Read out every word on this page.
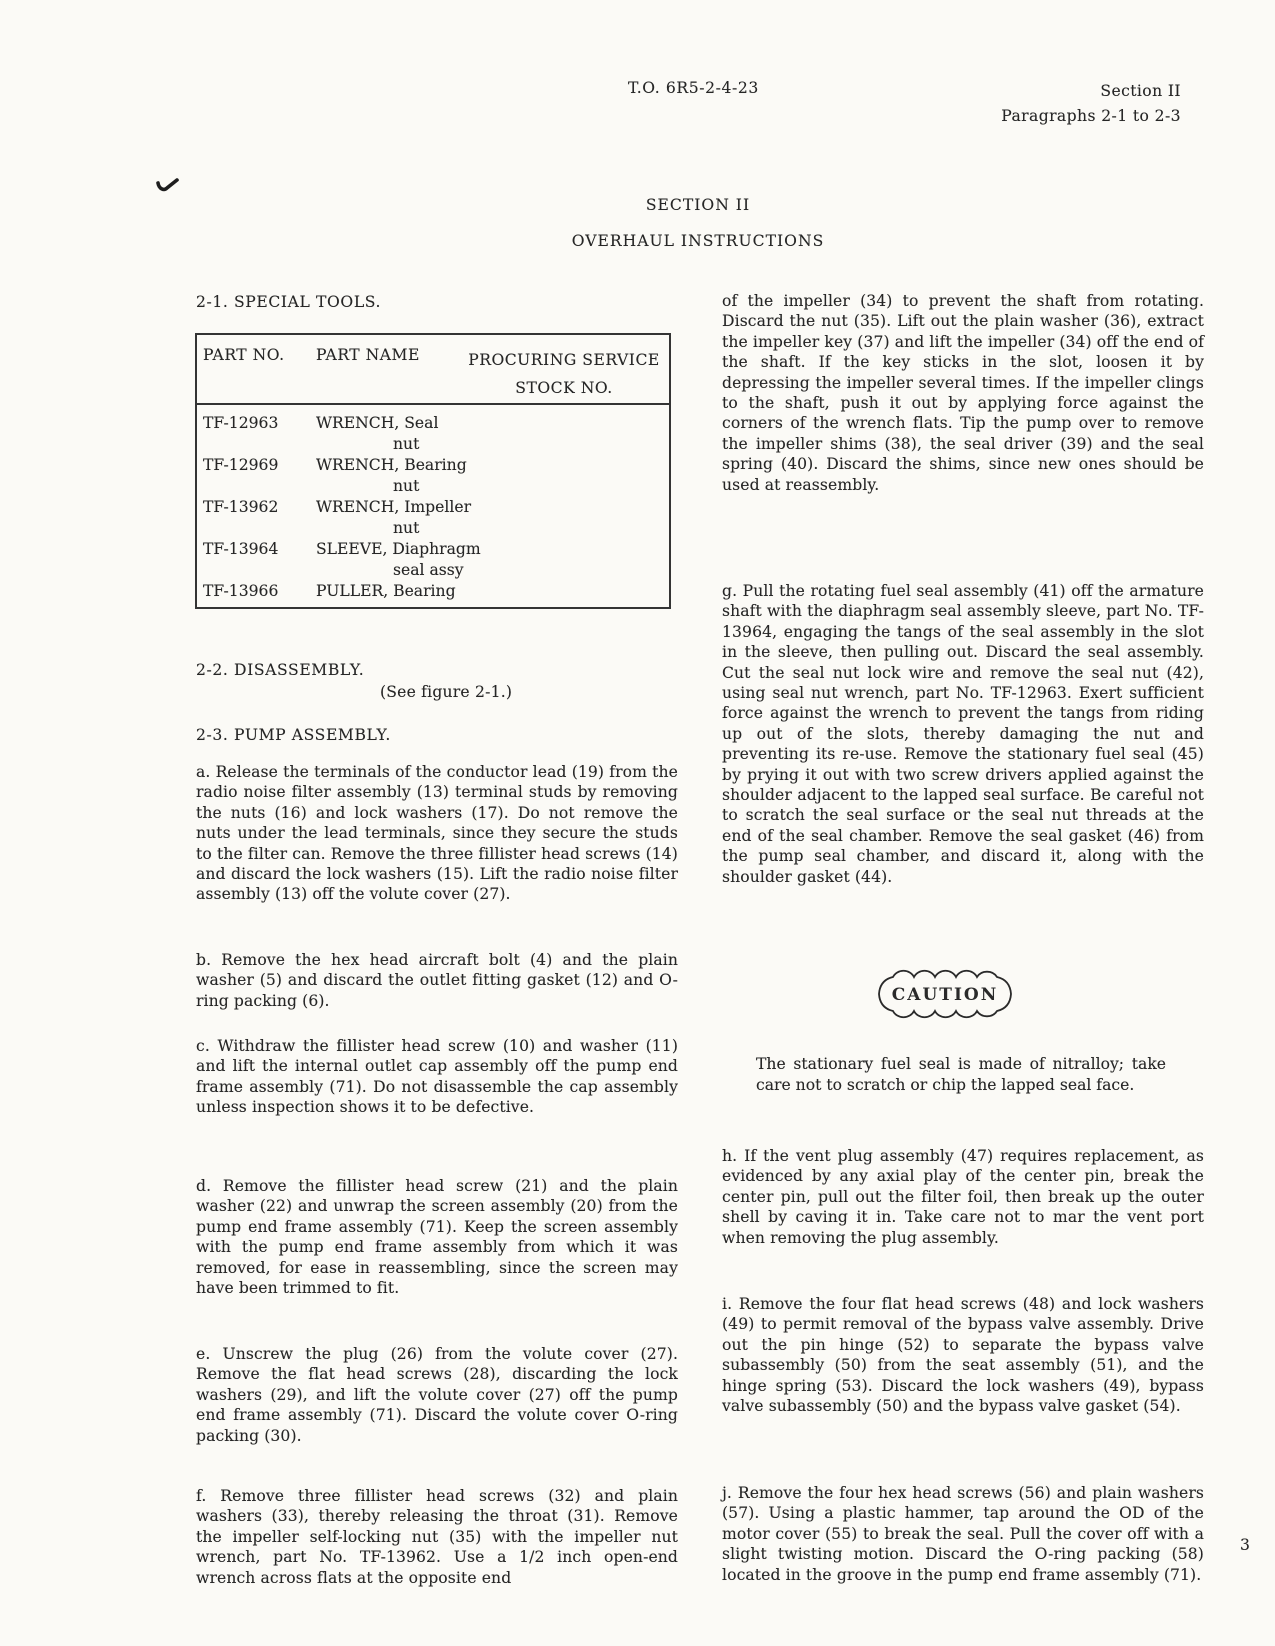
T.O. 6R5-2-4-23	Section II
Paragraphs 2-1 to 2-3
SECTION II
OVERHAUL INSTRUCTIONS
2-1. SPECIAL TOOLS.
PART NO. PART NAME	PROCURING SERVICE
STOCK NO.
TF-12963 WRENCH, Seal
nut
TF-12969 WRENCH, Bearing
nut
TF-13962 WRENCH, Impeller
nut
TF-13964 SLEEVE, Diaphragm
seal assy
TF-13966 PULLER, Bearing
2-2. DISASSEMBLY.
(See figure 2-1.)
2-3. PUMP ASSEMBLY.
a. Release the terminals of the conductor lead (19) from the radio noise filter assembly (13) terminal studs by removing the nuts (16) and lock washers (17). Do not remove the nuts under the lead terminals, since they secure the studs to the filter can. Remove the three fillister head screws (14) and discard the lock washers (15). Lift the radio noise filter assembly (13) off the volute cover (27).
b. Remove the hex head aircraft bolt (4) and the plain washer (5) and discard the outlet fitting gasket (12) and O-ring packing (6).
c. Withdraw the fillister head screw (10) and washer (11) and lift the internal outlet cap assembly off the pump end frame assembly (71). Do not disassemble the cap assembly unless inspection shows it to be defective.
d. Remove the fillister head screw (21) and the plain washer (22) and unwrap the screen assembly (20) from the pump end frame assembly (71). Keep the screen assembly with the pump end frame assembly from which it was removed, for ease in reassembling, since the screen may have been trimmed to fit.
e. Unscrew the plug (26) from the volute cover (27). Remove the flat head screws (28), discarding the lock washers (29), and lift the volute cover (27) off the pump end frame assembly (71). Discard the volute cover O-ring packing (30).
f. Remove three fillister head screws (32) and plain washers (33), thereby releasing the throat (31). Remove the impeller self-locking nut (35) with the impeller nut wrench, part No. TF-13962. Use a 1/2 inch open-end wrench across flats at the opposite end
of the impeller (34) to prevent the shaft from rotating. Discard the nut (35). Lift out the plain washer (36), extract the impeller key (37) and lift the impeller (34) off the end of the shaft. If the key sticks in the slot, loosen it by depressing the impeller several times. If the impeller clings to the shaft, push it out by applying force against the corners of the wrench flats. Tip the pump over to remove the impeller shims (38), the seal driver (39) and the seal spring (40). Discard the shims, since new ones should be used at reassembly.
g. Pull the rotating fuel seal assembly (41) off the armature shaft with the diaphragm seal assembly sleeve, part No. TF-13964, engaging the tangs of the seal assembly in the slot in the sleeve, then pulling out. Discard the seal assembly. Cut the seal nut lock wire and remove the seal nut (42), using seal nut wrench, part No. TF-12963. Exert sufficient force against the wrench to prevent the tangs from riding up out of the slots, thereby damaging the nut and preventing its re-use. Remove the stationary fuel seal (45) by prying it out with two screw drivers applied against the shoulder adjacent to the lapped seal surface. Be careful not to scratch the seal surface or the seal nut threads at the end of the seal chamber. Remove the seal gasket (46) from the pump seal chamber, and discard it, along with the shoulder gasket (44).
CAUTION
The stationary fuel seal is made of nitralloy; take care not to scratch or chip the lapped seal face.
h. If the vent plug assembly (47) requires replacement, as evidenced by any axial play of the center pin, break the center pin, pull out the filter foil, then break up the outer shell by caving it in. Take care not to mar the vent port when removing the plug assembly.
i. Remove the four flat head screws (48) and lock washers (49) to permit removal of the bypass valve assembly. Drive out the pin hinge (52) to separate the bypass valve subassembly (50) from the seat assembly (51), and the hinge spring (53). Discard the lock washers (49), bypass valve subassembly (50) and the bypass valve gasket (54).
j. Remove the four hex head screws (56) and plain washers (57). Using a plastic hammer, tap around the OD of the motor cover (55) to break the seal. Pull the cover off with a slight twisting motion. Discard the O-ring packing (58) located in the groove in the pump end frame assembly (71).
3
